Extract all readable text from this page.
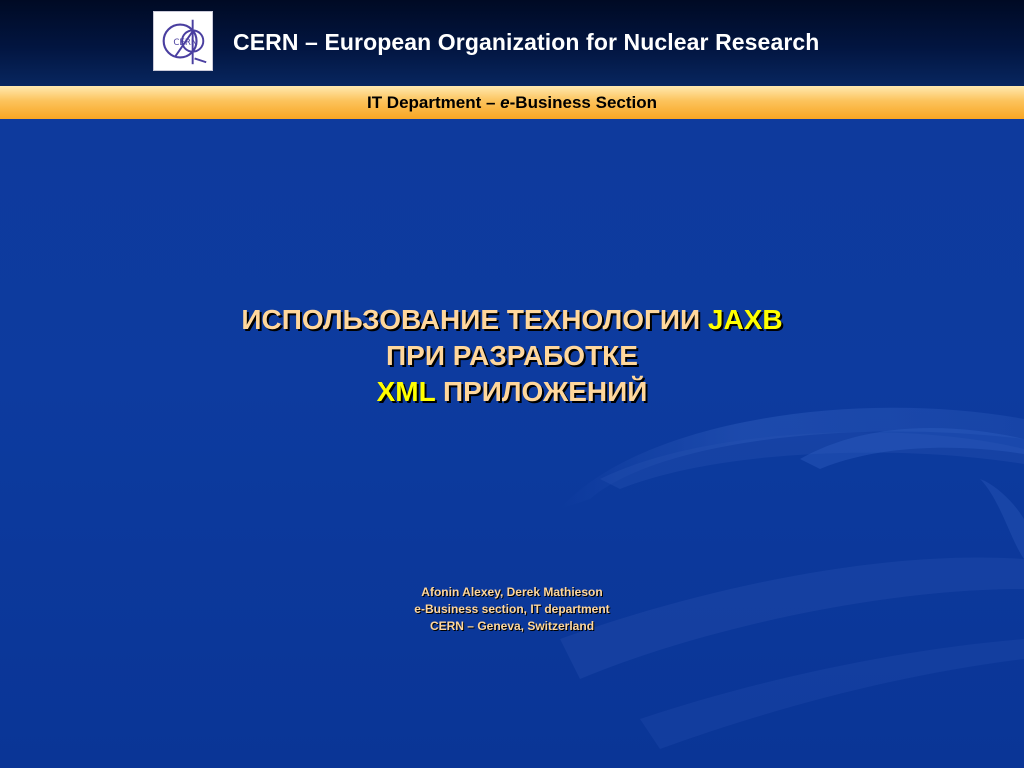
CERN CERN – European Organization for Nuclear Research
IT Department – e-Business Section
ИСПОЛЬЗОВАНИЕ ТЕХНОЛОГИИ JAXB
ПРИ РАЗРАБОТКЕ
XML ПРИЛОЖЕНИЙ
Afonin Alexey, Derek Mathieson
e-Business section, IT department
CERN – Geneva, Switzerland
